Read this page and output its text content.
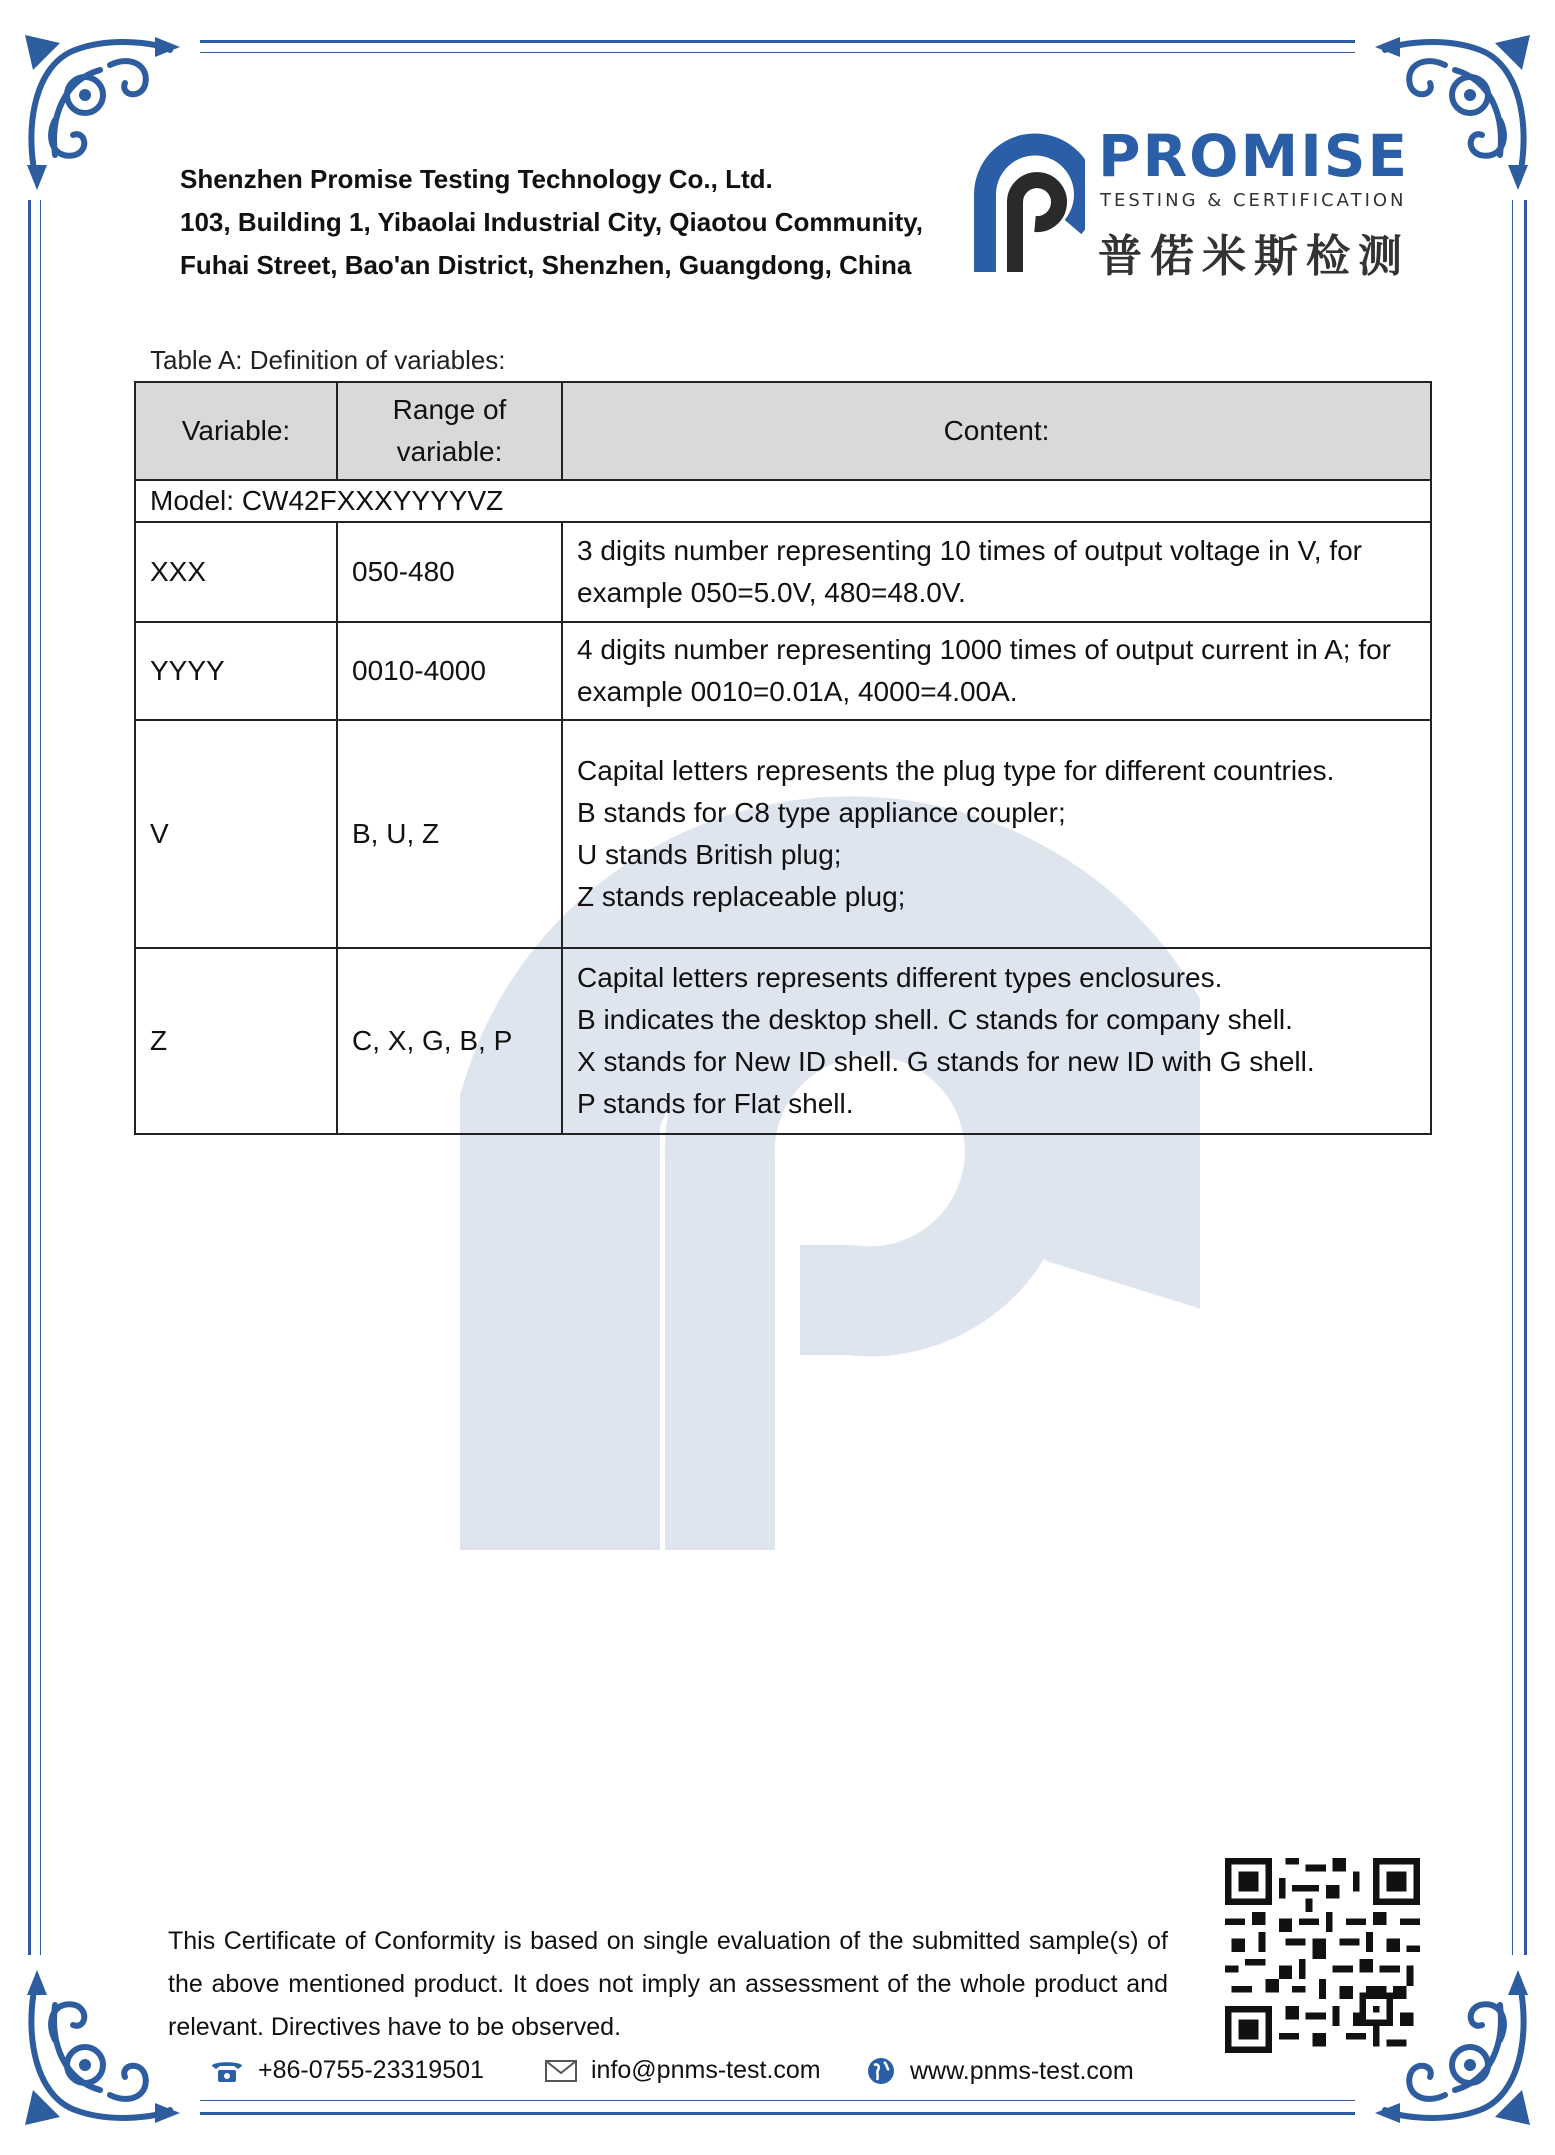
Shenzhen Promise Testing Technology Co., Ltd.
103, Building 1, Yibaolai Industrial City, Qiaotou Community,
Fuhai Street, Bao'an District, Shenzhen, Guangdong, China
PROMISE
TESTING & CERTIFICATION
普偌米斯检测
Table A: Definition of variables:
Variable:	Range of variable:	Content:
Model: CW42FXXXYYYYVZ		
XXX	050-480	3 digits number representing 10 times of output voltage in V, for example 050=5.0V, 480=48.0V.

YYYY	0010-4000	4 digits number representing 1000 times of output current in A; for example 0010=0.01A, 4000=4.00A.

V	B, U, Z	Capital letters represents the plug type for different countries.
B stands for C8 type appliance coupler;
U stands British plug;
Z stands replaceable plug;

Z	C, X, G, B, P	Capital letters represents different types enclosures.
B indicates the desktop shell. C stands for company shell.
X stands for New ID shell. G stands for new ID with G shell.
P stands for Flat shell.
This Certificate of Conformity is based on single evaluation of the submitted sample(s) of the above mentioned product. It does not imply an assessment of the whole product and relevant. Directives have to be observed.
+86-0755-23319501	info@pnms-test.com	www.pnms-test.com
